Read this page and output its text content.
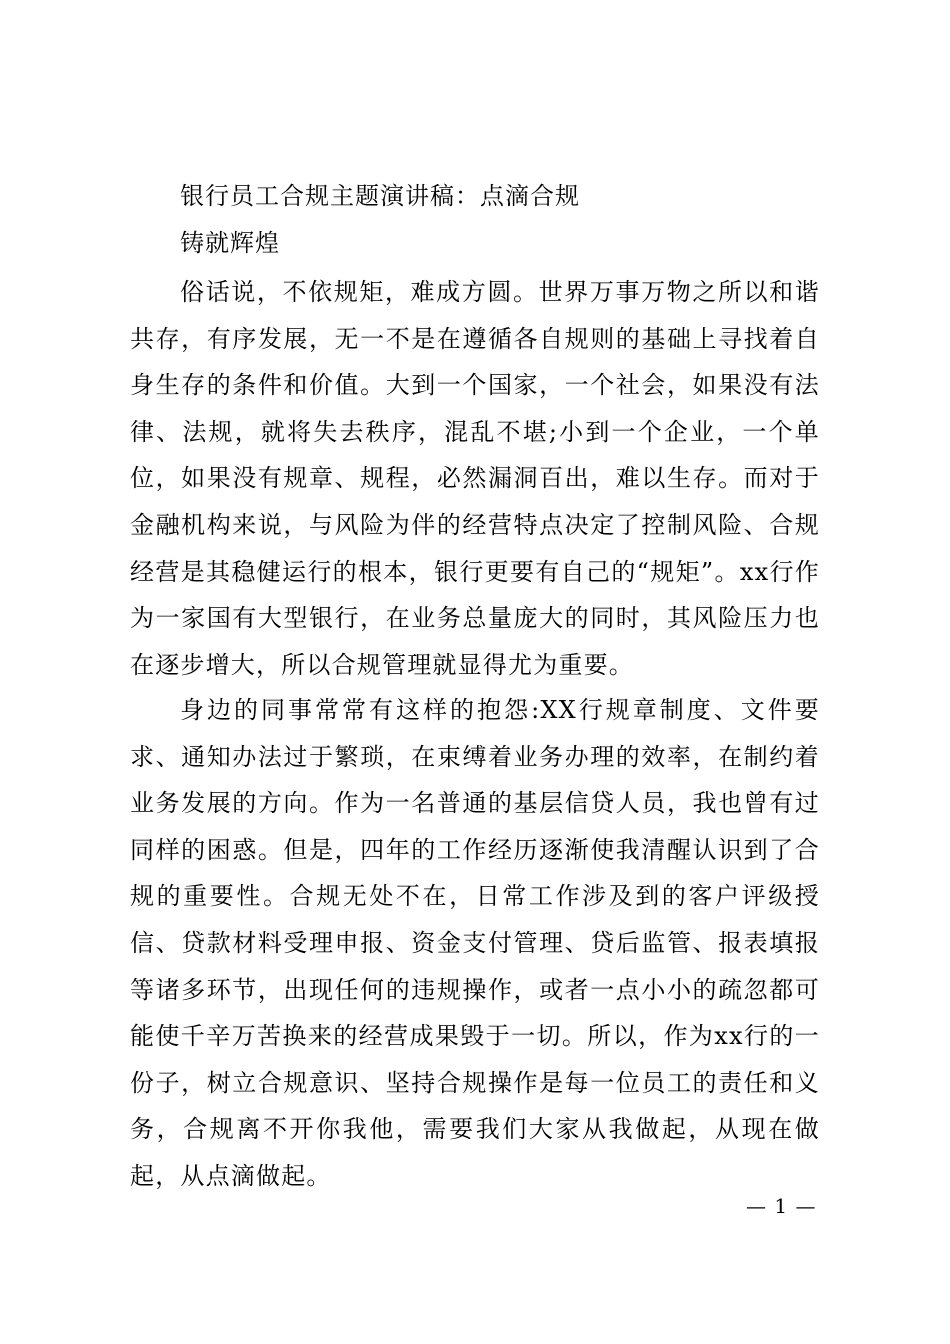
银行员工合规主题演讲稿：点滴合规
铸就辉煌

俗话说，不依规矩，难成方圆。世界万事万物之所以和谐共存，有序发展，无一不是在遵循各自规则的基础上寻找着自身生存的条件和价值。大到一个国家，一个社会，如果没有法律、法规，就将失去秩序，混乱不堪;小到一个企业，一个单位，如果没有规章、规程，必然漏洞百出，难以生存。而对于金融机构来说，与风险为伴的经营特点决定了控制风险、合规经营是其稳健运行的根本，银行更要有自己的“规矩”。xx行作为一家国有大型银行，在业务总量庞大的同时，其风险压力也在逐步增大，所以合规管理就显得尤为重要。

身边的同事常常有这样的抱怨:XX行规章制度、文件要求、通知办法过于繁琐，在束缚着业务办理的效率，在制约着业务发展的方向。作为一名普通的基层信贷人员，我也曾有过同样的困惑。但是，四年的工作经历逐渐使我清醒认识到了合规的重要性。合规无处不在，日常工作涉及到的客户评级授信、贷款材料受理申报、资金支付管理、贷后监管、报表填报等诸多环节，出现任何的违规操作，或者一点小小的疏忽都可能使千辛万苦换来的经营成果毁于一切。所以，作为xx行的一份子，树立合规意识、坚持合规操作是每一位员工的责任和义务，合规离不开你我他，需要我们大家从我做起，从现在做起，从点滴做起。

— 1 —
